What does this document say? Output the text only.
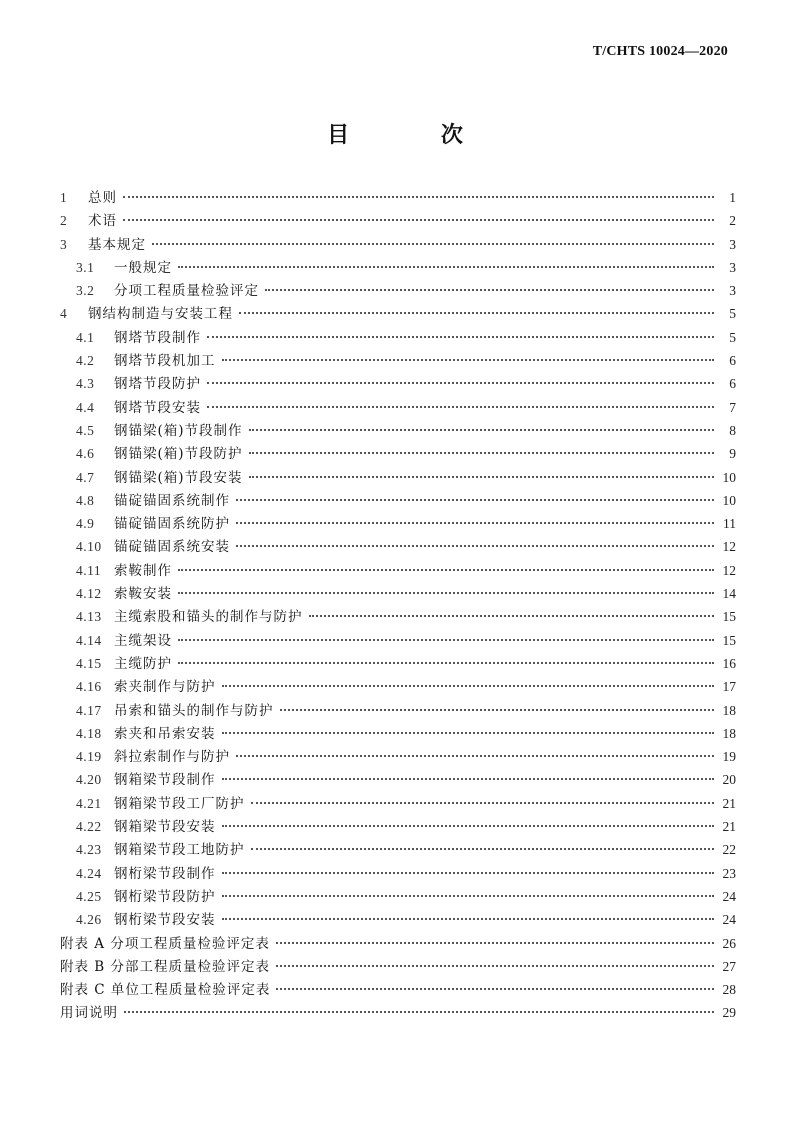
T/CHTS 10024—2020
目 次
1	总则	1
2	术语	2
3	基本规定	3
3.1	一般规定	3
3.2	分项工程质量检验评定	3
4	钢结构制造与安装工程	5
4.1	钢塔节段制作	5
4.2	钢塔节段机加工	6
4.3	钢塔节段防护	6
4.4	钢塔节段安装	7
4.5	钢锚梁(箱)节段制作	8
4.6	钢锚梁(箱)节段防护	9
4.7	钢锚梁(箱)节段安装	10
4.8	锚碇锚固系统制作	10
4.9	锚碇锚固系统防护	11
4.10 锚碇锚固系统安装	12
4.11 索鞍制作	12
4.12 索鞍安装	14
4.13 主缆索股和锚头的制作与防护	15
4.14 主缆架设	15
4.15 主缆防护	16
4.16 索夹制作与防护	17
4.17 吊索和锚头的制作与防护	18
4.18 索夹和吊索安装	18
4.19 斜拉索制作与防护	19
4.20 钢箱梁节段制作	20
4.21 钢箱梁节段工厂防护	21
4.22 钢箱梁节段安装	21
4.23 钢箱梁节段工地防护	22
4.24 钢桁梁节段制作	23
4.25 钢桁梁节段防护	24
4.26 钢桁梁节段安装	24
附表 A 分项工程质量检验评定表	26
附表 B 分部工程质量检验评定表	27
附表 C 单位工程质量检验评定表	28
用词说明	29
